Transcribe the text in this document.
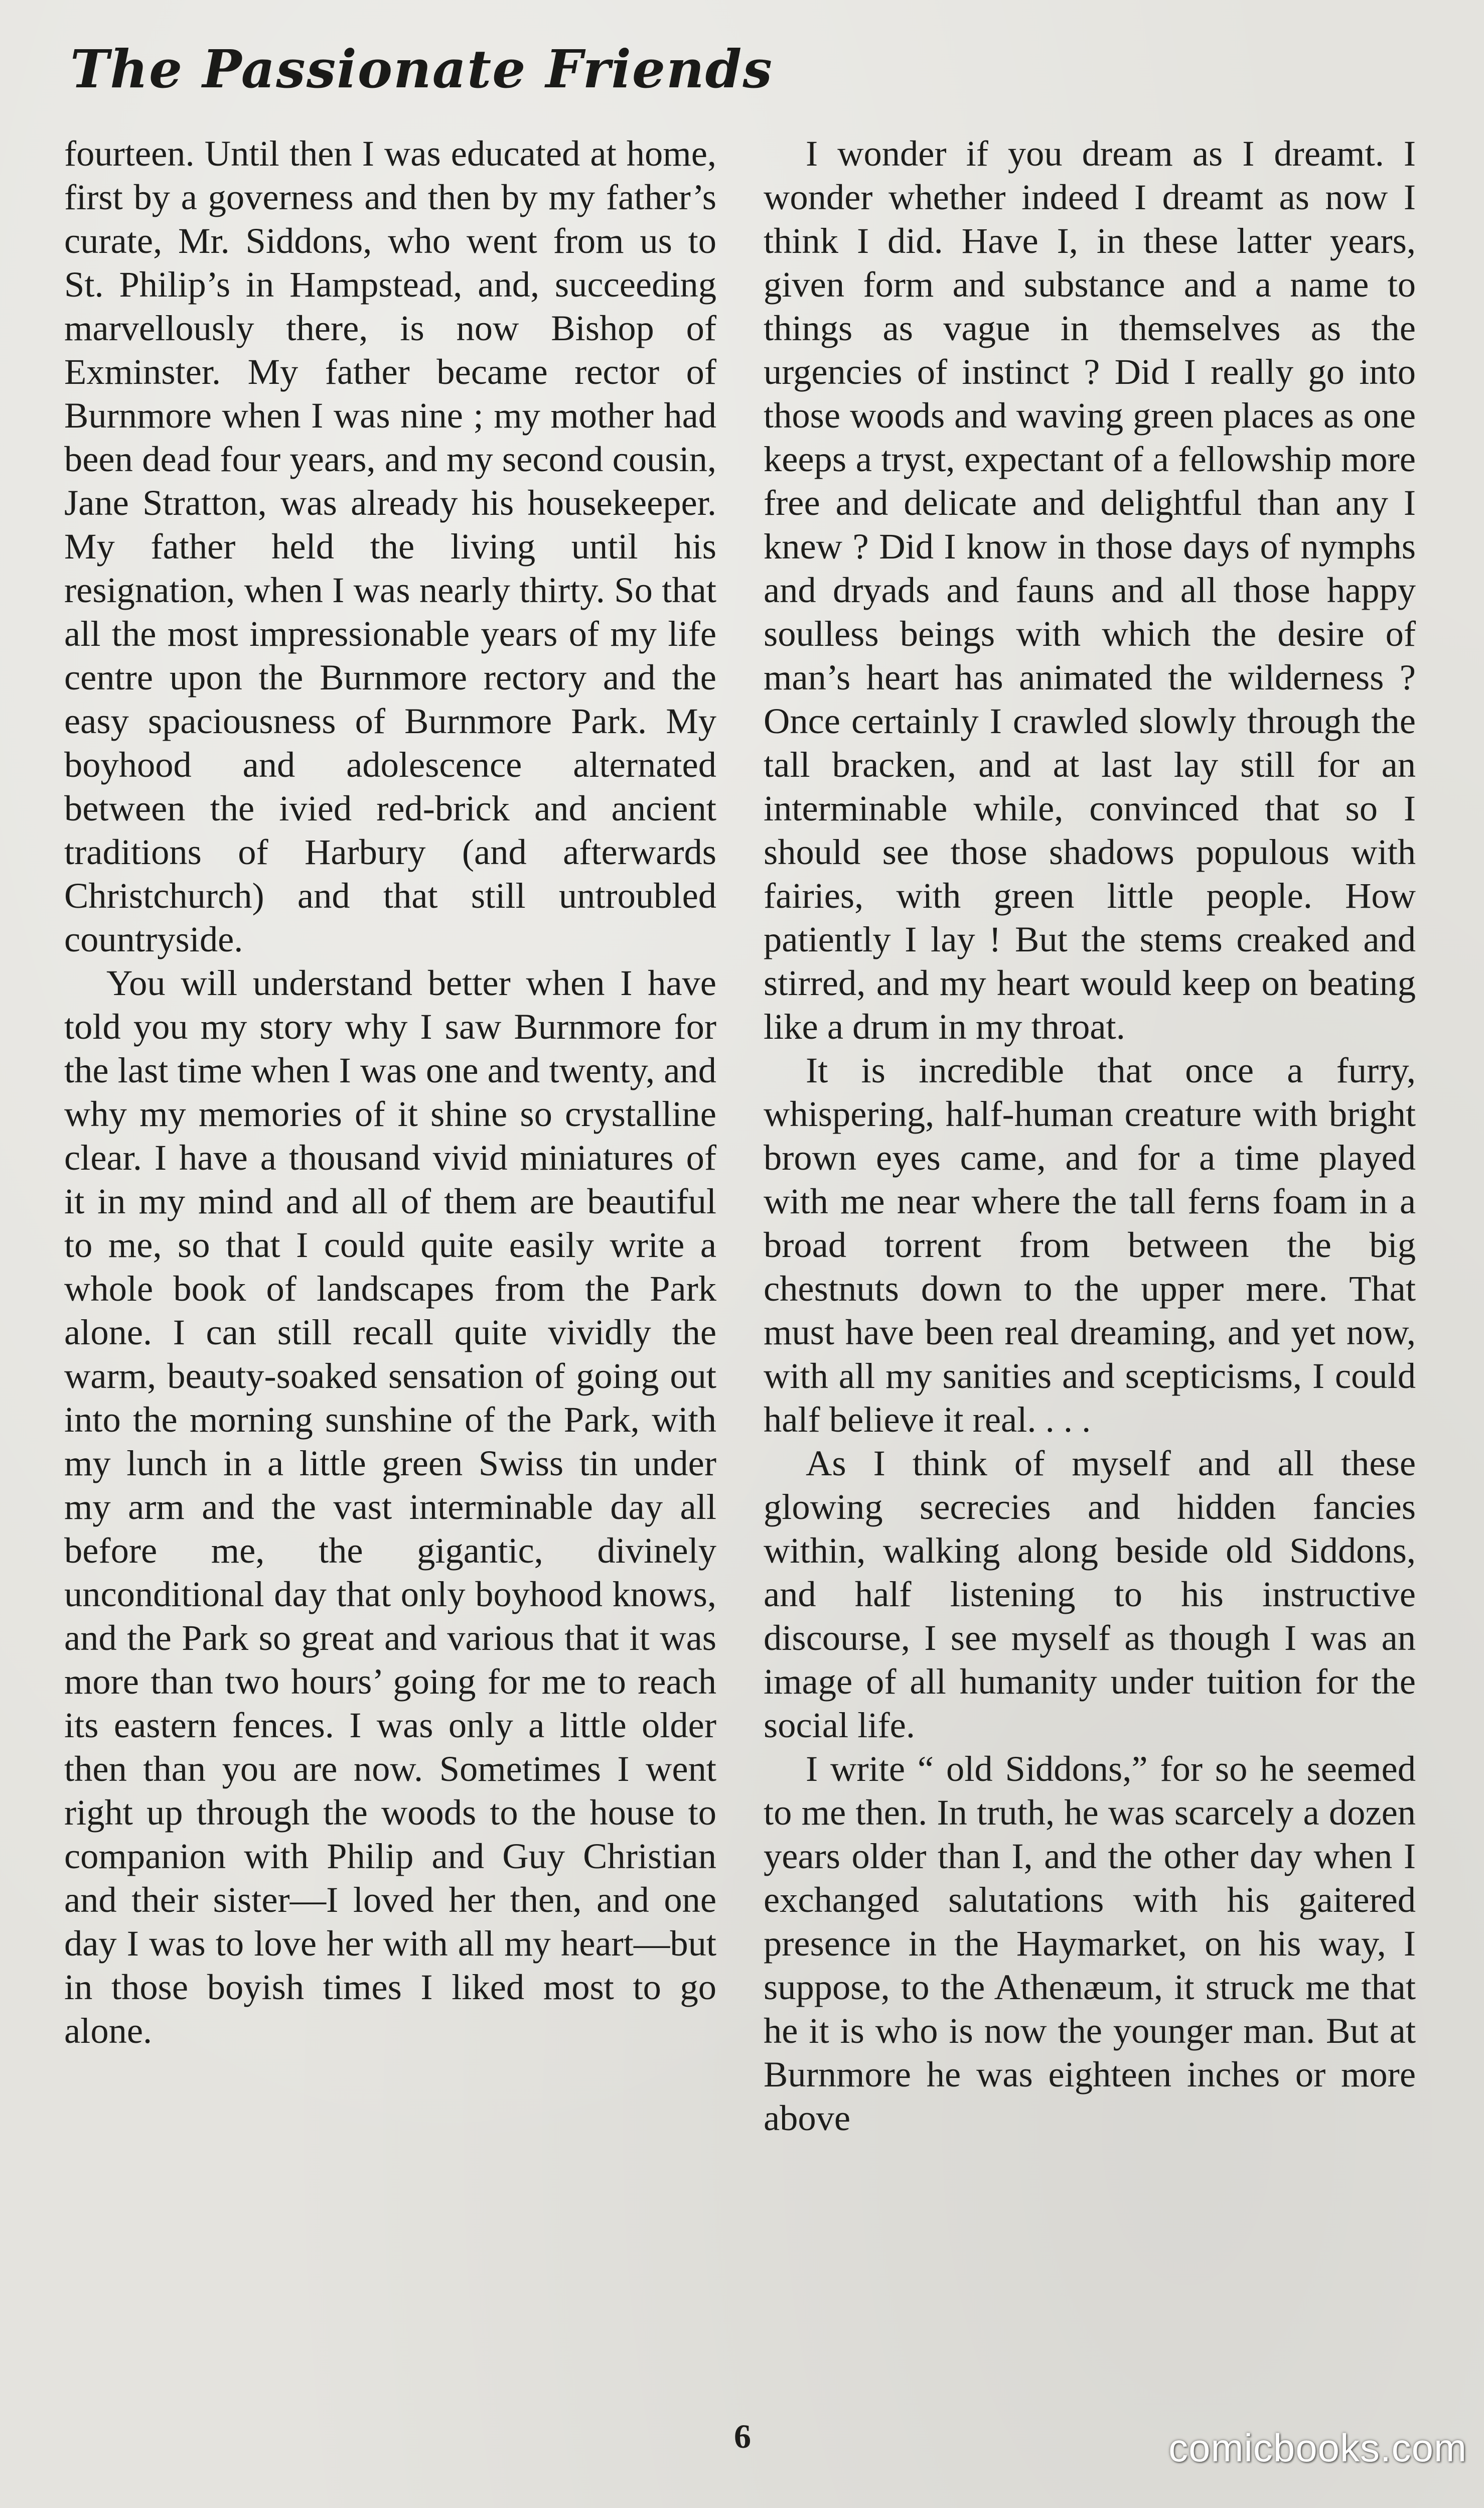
The Passionate Friends

fourteen. Until then I was educated at home, first by a governess and then by my father’s curate, Mr. Siddons, who went from us to St. Philip’s in Hampstead, and, succeeding marvellously there, is now Bishop of Exminster. My father became rector of Burnmore when I was nine ; my mother had been dead four years, and my second cousin, Jane Stratton, was already his housekeeper. My father held the living until his resignation, when I was nearly thirty. So that all the most impressionable years of my life centre upon the Burnmore rectory and the easy spaciousness of Burnmore Park. My boyhood and adolescence alternated between the ivied red-brick and ancient traditions of Harbury (and afterwards Christchurch) and that still untroubled countryside.

You will understand better when I have told you my story why I saw Burnmore for the last time when I was one and twenty, and why my memories of it shine so crystalline clear. I have a thousand vivid miniatures of it in my mind and all of them are beautiful to me, so that I could quite easily write a whole book of landscapes from the Park alone. I can still recall quite vividly the warm, beauty-soaked sensation of going out into the morning sunshine of the Park, with my lunch in a little green Swiss tin under my arm and the vast interminable day all before me, the gigantic, divinely unconditional day that only boyhood knows, and the Park so great and various that it was more than two hours’ going for me to reach its eastern fences. I was only a little older then than you are now. Sometimes I went right up through the woods to the house to companion with Philip and Guy Christian and their sister—I loved her then, and one day I was to love her with all my heart—but in those boyish times I liked most to go alone.

I wonder if you dream as I dreamt. I wonder whether indeed I dreamt as now I think I did. Have I, in these latter years, given form and substance and a name to things as vague in themselves as the urgencies of instinct ? Did I really go into those woods and waving green places as one keeps a tryst, expectant of a fellowship more free and delicate and delightful than any I knew ? Did I know in those days of nymphs and dryads and fauns and all those happy soulless beings with which the desire of man’s heart has animated the wilderness ? Once certainly I crawled slowly through the tall bracken, and at last lay still for an interminable while, convinced that so I should see those shadows populous with fairies, with green little people. How patiently I lay ! But the stems creaked and stirred, and my heart would keep on beating like a drum in my throat.

It is incredible that once a furry, whispering, half-human creature with bright brown eyes came, and for a time played with me near where the tall ferns foam in a broad torrent from between the big chestnuts down to the upper mere. That must have been real dreaming, and yet now, with all my sanities and scepticisms, I could half believe it real. . . .

As I think of myself and all these glowing secrecies and hidden fancies within, walking along beside old Siddons, and half listening to his instructive discourse, I see myself as though I was an image of all humanity under tuition for the social life.

I write “ old Siddons,” for so he seemed to me then. In truth, he was scarcely a dozen years older than I, and the other day when I exchanged salutations with his gaitered presence in the Haymarket, on his way, I suppose, to the Athenæum, it struck me that he it is who is now the younger man. But at Burnmore he was eighteen inches or more above

6	comicbooks.com
